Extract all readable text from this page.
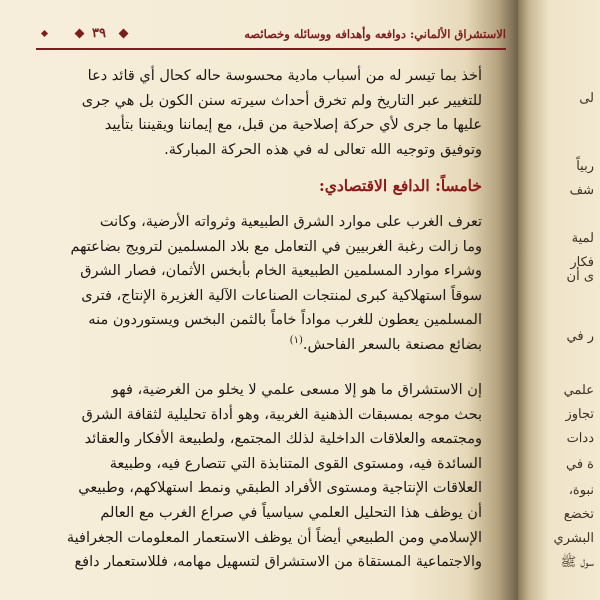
الاستشراق الألماني: دوافعه وأهدافه ووسائله وخصائصه
٣٩
أخذ بما تيسر له من أسباب مادية محسوسة حاله كحال أي قائد دعا
للتغيير عبر التاريخ ولم تخرق أحداث سيرته سنن الكون بل هي جرى
عليها ما جرى لأي حركة إصلاحية من قبل، مع إيماننا ويقيننا بتأييد
وتوفيق وتوجيه الله تعالى له في هذه الحركة المباركة.
خامساً: الدافع الاقتصادي:
تعرف الغرب على موارد الشرق الطبيعية وثرواته الأرضية، وكانت
وما زالت رغبة الغربيين في التعامل مع بلاد المسلمين لترويج بضاعتهم
وشراء موارد المسلمين الطبيعية الخام بأبخس الأثمان، فصار الشرق
سوقاً استهلاكية كبرى لمنتجات الصناعات الآلية الغزيرة الإنتاج، فترى
المسلمين يعطون للغرب مواداً خاماً بالثمن البخس ويستوردون منه
بضائع مصنعة بالسعر الفاحش.$^{(١)}$
إن الاستشراق ما هو إلا مسعى علمي لا يخلو من الغرضية، فهو
بحث موجه بمسبقات الذهنية الغربية، وهو أداة تحليلية لثقافة الشرق
ومجتمعه والعلاقات الداخلية لذلك المجتمع، ولطبيعة الأفكار والعقائد
السائدة فيه، ومستوى القوى المتنابذة التي تتصارع فيه، وطبيعة
العلاقات الإنتاجية ومستوى الأفراد الطبقي ونمط استهلاكهم، وطبيعي
أن يوظف هذا التحليل العلمي سياسياً في صراع الغرب مع العالم
الإسلامي ومن الطبيعي أيضاً أن يوظف الاستعمار المعلومات الجغرافية
والاجتماعية المستقاة من الاستشراق لتسهيل مهامه، فللاستعمار دافع
لى
ربياً
شف
لمية
فكار
ى أن
ر في
علمي
تجاوز
ددات
ة في
نبوة،
تخضع
البشري
سول ﷺ
